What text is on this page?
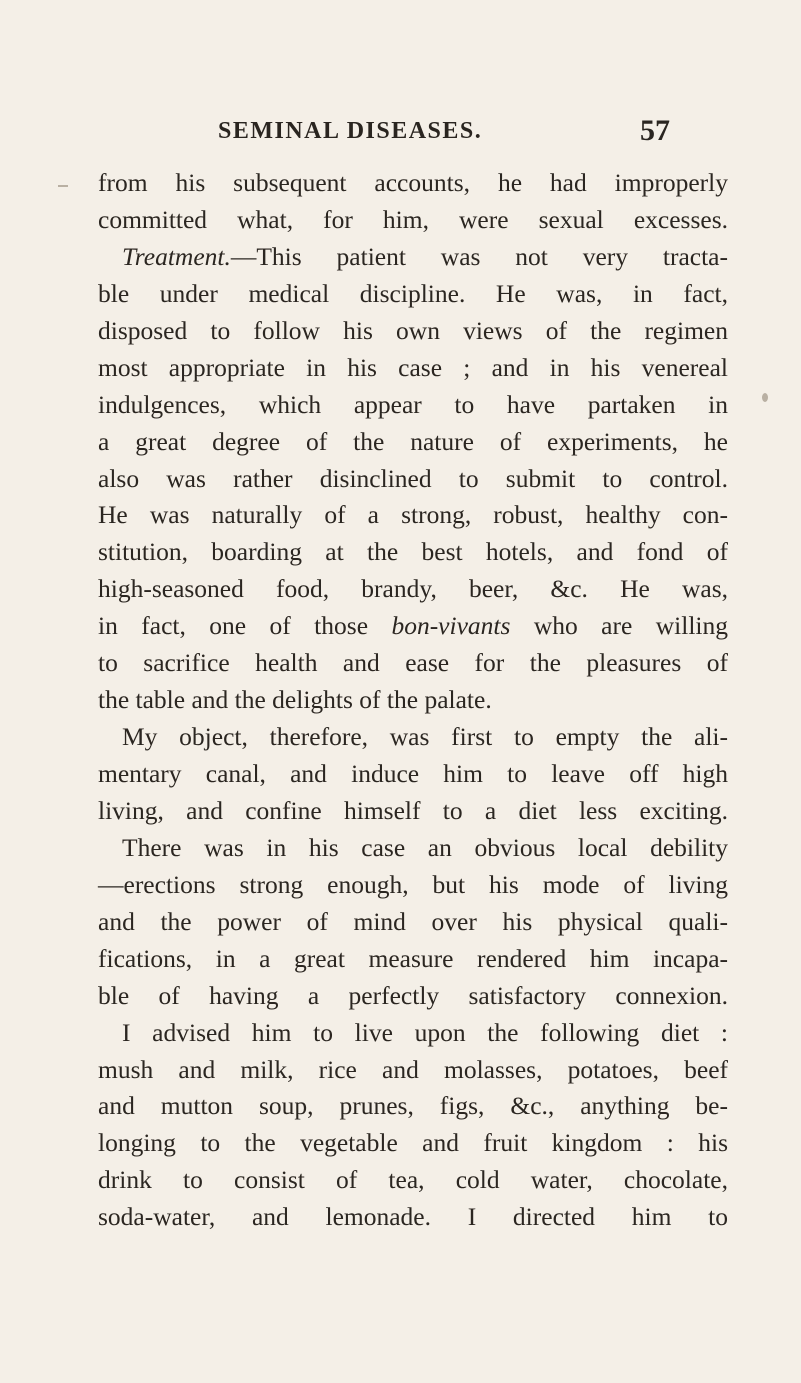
SEMINAL DISEASES.	57
from his subsequent accounts, he had improperly
committed what, for him, were sexual excesses.
Treatment.—This patient was not very tracta-
ble under medical discipline. He was, in fact,
disposed to follow his own views of the regimen
most appropriate in his case ; and in his venereal
indulgences, which appear to have partaken in
a great degree of the nature of experiments, he
also was rather disinclined to submit to control.
He was naturally of a strong, robust, healthy con-
stitution, boarding at the best hotels, and fond of
high-seasoned food, brandy, beer, &c. He was,
in fact, one of those bon-vivants who are willing
to sacrifice health and ease for the pleasures of
the table and the delights of the palate.
My object, therefore, was first to empty the ali-
mentary canal, and induce him to leave off high
living, and confine himself to a diet less exciting.
There was in his case an obvious local debility
—erections strong enough, but his mode of living
and the power of mind over his physical quali-
fications, in a great measure rendered him incapa-
ble of having a perfectly satisfactory connexion.
I advised him to live upon the following diet :
mush and milk, rice and molasses, potatoes, beef
and mutton soup, prunes, figs, &c., anything be-
longing to the vegetable and fruit kingdom : his
drink to consist of tea, cold water, chocolate,
soda-water, and lemonade. I directed him to
